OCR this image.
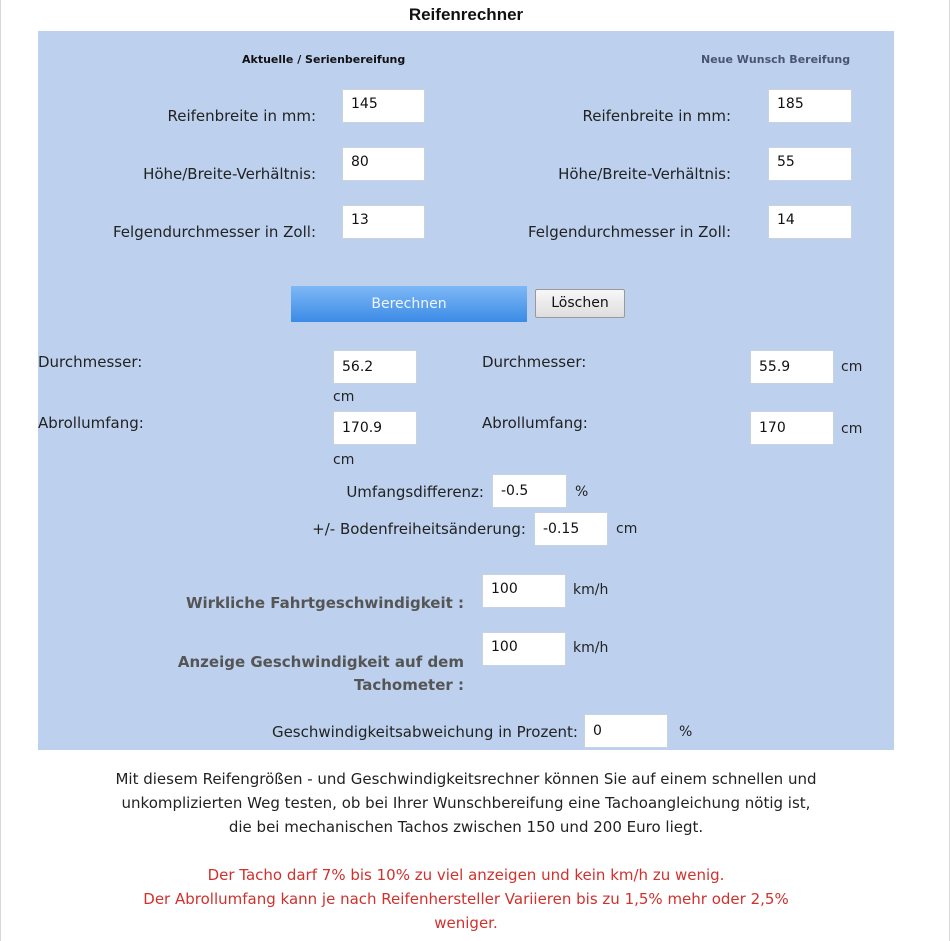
Reifenrechner
Aktuelle / Serienbereifung	Neue Wunsch Bereifung
Reifenbreite in mm:
145
Höhe/Breite-Verhältnis:
80
Felgendurchmesser in Zoll:
13
Reifenbreite in mm:
185
Höhe/Breite-Verhältnis:
55
Felgendurchmesser in Zoll:
14
Berechnen	Löschen
Durchmesser:	56.2
cm
Abrollumfang:	170.9
cm
Durchmesser:	55.9	cm
Abrollumfang:	170	cm
Umfangsdifferenz:	-0.5	%
+/- Bodenfreiheitsänderung:	-0.15	cm
Wirkliche Fahrtgeschwindigkeit :
100	km/h
Anzeige Geschwindigkeit auf dem
Tachometer :
100	km/h
Geschwindigkeitsabweichung in Prozent:	0	%
Mit diesem Reifengrößen - und Geschwindigkeitsrechner können Sie auf einem schnellen und
unkomplizierten Weg testen, ob bei Ihrer Wunschbereifung eine Tachoangleichung nötig ist,
die bei mechanischen Tachos zwischen 150 und 200 Euro liegt.
Der Tacho darf 7% bis 10% zu viel anzeigen und kein km/h zu wenig.
Der Abrollumfang kann je nach Reifenhersteller Variieren bis zu 1,5% mehr oder 2,5%
weniger.
